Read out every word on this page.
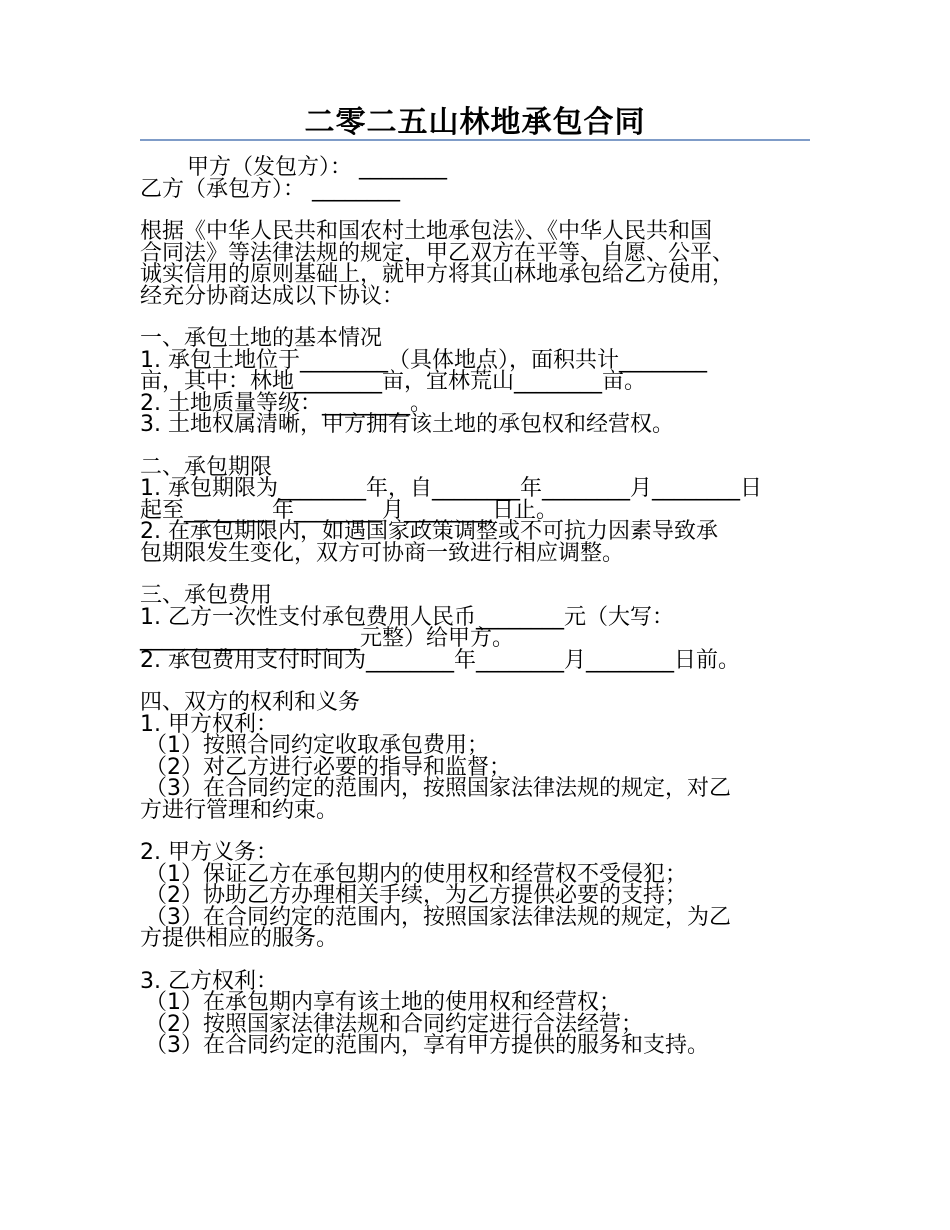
二零二五山林地承包合同
甲方（发包方）： ________
乙方（承包方）： ________
根据《中华人民共和国农村土地承包法》、《中华人民共和国
合同法》等法律法规的规定，甲乙双方在平等、自愿、公平、
诚实信用的原则基础上，就甲方将其山林地承包给乙方使用，
经充分协商达成以下协议：
一、承包土地的基本情况
1. 承包土地位于________（具体地点），面积共计________
亩，其中：林地________亩，宜林荒山________亩。
2. 土地质量等级：________。
3. 土地权属清晰，甲方拥有该土地的承包权和经营权。
二、承包期限
1. 承包期限为________年，自________年________月________日
起至________年________月________日止。
2. 在承包期限内，如遇国家政策调整或不可抗力因素导致承
包期限发生变化，双方可协商一致进行相应调整。
三、承包费用
1. 乙方一次性支付承包费用人民币________元（大写：
____________________元整）给甲方。
2. 承包费用支付时间为________年________月________日前。
四、双方的权利和义务
1. 甲方权利：
（1）按照合同约定收取承包费用；
（2）对乙方进行必要的指导和监督；
（3）在合同约定的范围内，按照国家法律法规的规定，对乙
方进行管理和约束。
2. 甲方义务：
（1）保证乙方在承包期内的使用权和经营权不受侵犯；
（2）协助乙方办理相关手续，为乙方提供必要的支持；
（3）在合同约定的范围内，按照国家法律法规的规定，为乙
方提供相应的服务。
3. 乙方权利：
（1）在承包期内享有该土地的使用权和经营权；
（2）按照国家法律法规和合同约定进行合法经营；
（3）在合同约定的范围内，享有甲方提供的服务和支持。
